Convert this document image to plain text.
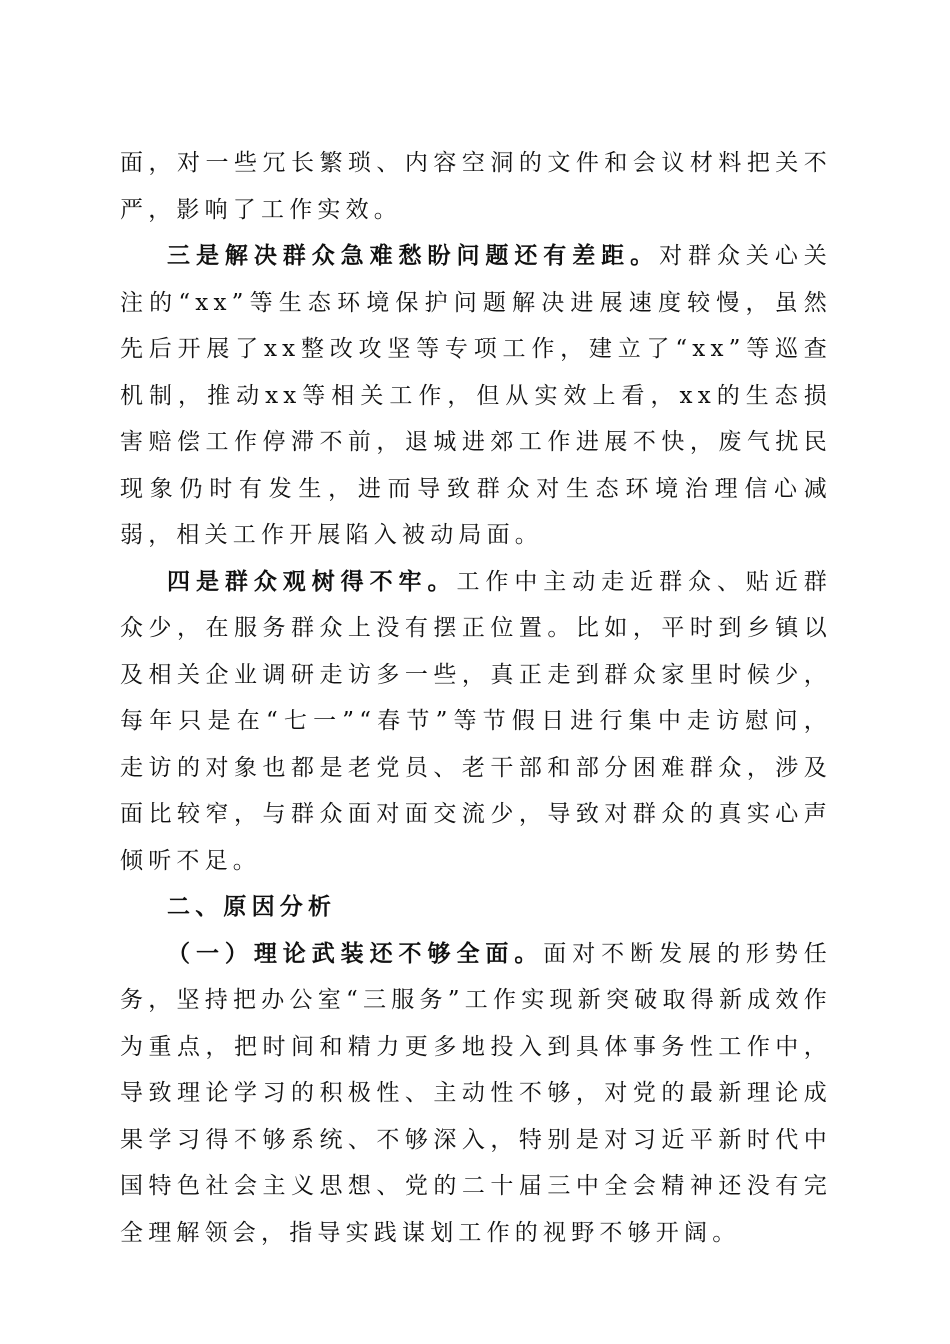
面，对一些冗长繁琐、内容空洞的文件和会议材料把关不严，影响了工作实效。

三是解决群众急难愁盼问题还有差距。对群众关心关注的“xx”等生态环境保护问题解决进展速度较慢，虽然先后开展了xx整改攻坚等专项工作，建立了“xx”等巡查机制，推动xx等相关工作，但从实效上看，xx的生态损害赔偿工作停滞不前，退城进郊工作进展不快，废气扰民现象仍时有发生，进而导致群众对生态环境治理信心减弱，相关工作开展陷入被动局面。

四是群众观树得不牢。工作中主动走近群众、贴近群众少，在服务群众上没有摆正位置。比如，平时到乡镇以及相关企业调研走访多一些，真正走到群众家里时候少，每年只是在“七一”“春节”等节假日进行集中走访慰问，走访的对象也都是老党员、老干部和部分困难群众，涉及面比较窄，与群众面对面交流少，导致对群众的真实心声倾听不足。

二、原因分析

（一）理论武装还不够全面。面对不断发展的形势任务，坚持把办公室“三服务”工作实现新突破取得新成效作为重点，把时间和精力更多地投入到具体事务性工作中，导致理论学习的积极性、主动性不够，对党的最新理论成果学习得不够系统、不够深入，特别是对习近平新时代中国特色社会主义思想、党的二十届三中全会精神还没有完全理解领会，指导实践谋划工作的视野不够开阔。
